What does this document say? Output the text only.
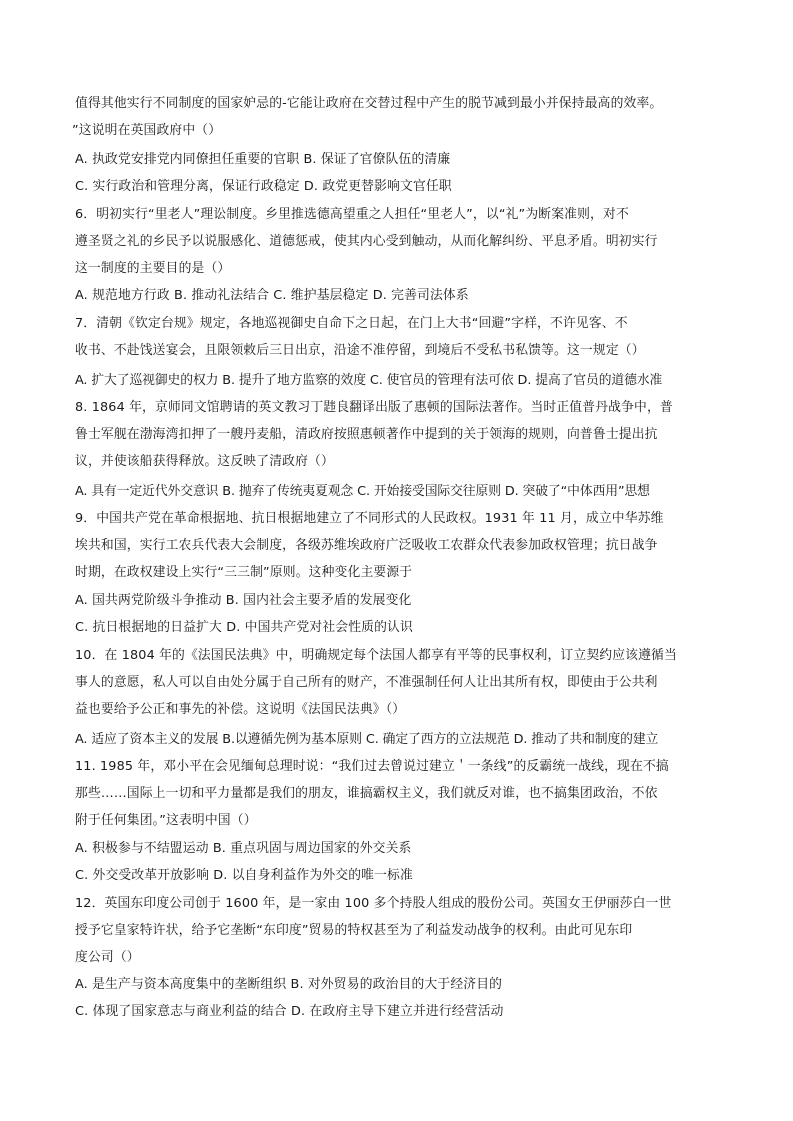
值得其他实行不同制度的国家妒忌的-它能让政府在交替过程中产生的脱节减到最小并保持最高的效率。
”这说明在英国政府中（）
A. 执政党安排党内同僚担任重要的官职 B. 保证了官僚队伍的清廉
C. 实行政治和管理分离，保证行政稳定 D. 政党更替影响文官任职
6．明初实行“里老人”理讼制度。乡里推选德高望重之人担任“里老人”，以“礼”为断案准则，对不
遵圣贤之礼的乡民予以说服感化、道德惩戒，使其内心受到触动，从而化解纠纷、平息矛盾。明初实行
这一制度的主要目的是（）
A. 规范地方行政 B. 推动礼法结合 C. 维护基层稳定 D. 完善司法体系
7．清朝《钦定台规》规定，各地巡视御史自命下之日起，在门上大书“回避”字样，不许见客、不
收书、不赴饯送宴会，且限领敕后三日出京，沿途不准停留，到境后不受私书私馈等。这一规定（）
A. 扩大了巡视御史的权力 B. 提升了地方监察的效度 C. 使官员的管理有法可依 D. 提高了官员的道德水准
8. 1864 年，京师同文馆聘请的英文教习丁韪良翻译出版了惠顿的国际法著作。当时正值普丹战争中，普
鲁士军舰在渤海湾扣押了一艘丹麦船，清政府按照惠顿著作中提到的关于领海的规则，向普鲁士提出抗
议，并使该船获得释放。这反映了清政府（）
A. 具有一定近代外交意识 B. 抛弃了传统夷夏观念 C. 开始接受国际交往原则 D. 突破了“中体西用”思想
9．中国共产党在革命根据地、抗日根据地建立了不同形式的人民政权。1931 年 11 月，成立中华苏维
埃共和国，实行工农兵代表大会制度，各级苏维埃政府广泛吸收工农群众代表参加政权管理；抗日战争
时期，在政权建设上实行“三三制”原则。这种变化主要源于
A. 国共两党阶级斗争推动 B. 国内社会主要矛盾的发展变化
C. 抗日根据地的日益扩大 D. 中国共产党对社会性质的认识
10．在 1804 年的《法国民法典》中，明确规定每个法国人都享有平等的民事权利，订立契约应该遵循当
事人的意愿，私人可以自由处分属于自己所有的财产，不准强制任何人让出其所有权，即使由于公共利
益也要给予公正和事先的补偿。这说明《法国民法典》（）
A. 适应了资本主义的发展 B.以遵循先例为基本原则 C. 确定了西方的立法规范 D. 推动了共和制度的建立
11. 1985 年，邓小平在会见缅甸总理时说：“我们过去曾说过建立＇一条线”的反霸统一战线，现在不搞
那些……国际上一切和平力量都是我们的朋友，谁搞霸权主义，我们就反对谁，也不搞集团政治，不依
附于任何集团。”这表明中国（）
A. 积极参与不结盟运动 B. 重点巩固与周边国家的外交关系
C. 外交受改革开放影响 D. 以自身利益作为外交的唯一标准
12．英国东印度公司创于 1600 年，是一家由 100 多个持股人组成的股份公司。英国女王伊丽莎白一世
授予它皇家特许状，给予它垄断“东印度”贸易的特权甚至为了利益发动战争的权利。由此可见东印
度公司（）
A. 是生产与资本高度集中的垄断组织 B. 对外贸易的政治目的大于经济目的
C. 体现了国家意志与商业利益的结合 D. 在政府主导下建立并进行经营活动
